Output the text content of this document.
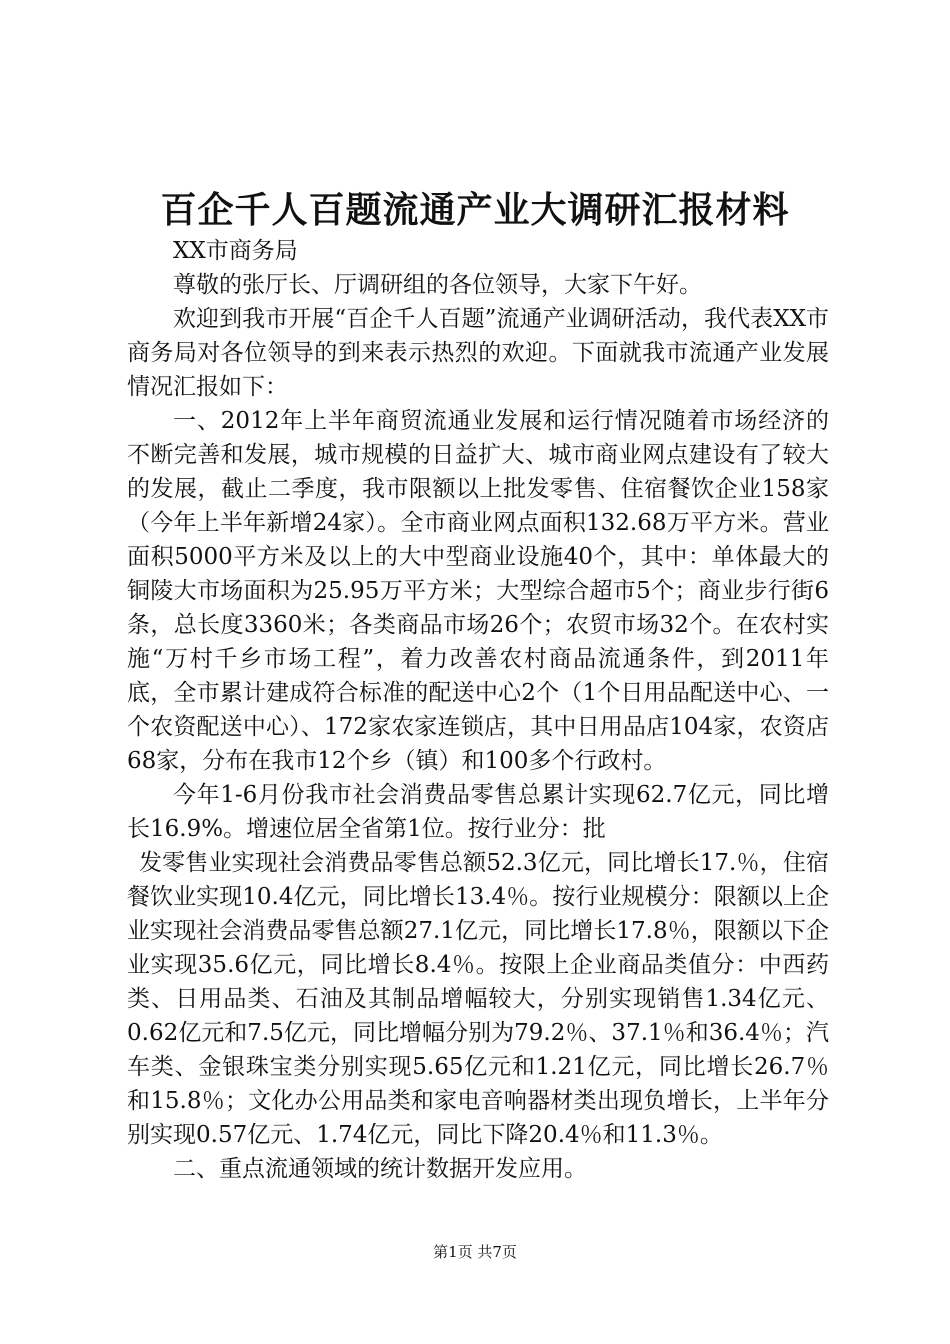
百企千人百题流通产业大调研汇报材料

XX市商务局

尊敬的张厅长、厅调研组的各位领导，大家下午好。

欢迎到我市开展“百企千人百题”流通产业调研活动，我代表XX市商务局对各位领导的到来表示热烈的欢迎。下面就我市流通产业发展情况汇报如下：

一、2012年上半年商贸流通业发展和运行情况随着市场经济的不断完善和发展，城市规模的日益扩大、城市商业网点建设有了较大的发展，截止二季度，我市限额以上批发零售、住宿餐饮企业158家（今年上半年新增24家）。全市商业网点面积132.68万平方米。营业面积5000平方米及以上的大中型商业设施40个，其中：单体最大的铜陵大市场面积为25.95万平方米；大型综合超市5个；商业步行街6条，总长度3360米；各类商品市场26个；农贸市场32个。在农村实施“万村千乡市场工程”，着力改善农村商品流通条件，到2011年底，全市累计建成符合标准的配送中心2个（1个日用品配送中心、一个农资配送中心）、172家农家连锁店，其中日用品店104家，农资店68家，分布在我市12个乡（镇）和100多个行政村。

今年1-6月份我市社会消费品零售总累计实现62.7亿元，同比增长16.9%。增速位居全省第1位。按行业分：批

发零售业实现社会消费品零售总额52.3亿元，同比增长17.％，住宿餐饮业实现10.4亿元，同比增长13.4％。按行业规模分：限额以上企业实现社会消费品零售总额27.1亿元，同比增长17.8％，限额以下企业实现35.6亿元，同比增长8.4％。按限上企业商品类值分：中西药类、日用品类、石油及其制品增幅较大，分别实现销售1.34亿元、0.62亿元和7.5亿元，同比增幅分别为79.2％、37.1％和36.4％；汽车类、金银珠宝类分别实现5.65亿元和1.21亿元，同比增长26.7％和15.8％；文化办公用品类和家电音响器材类出现负增长，上半年分别实现0.57亿元、1.74亿元，同比下降20.4％和11.3％。

二、重点流通领域的统计数据开发应用。

第1页 共7页
